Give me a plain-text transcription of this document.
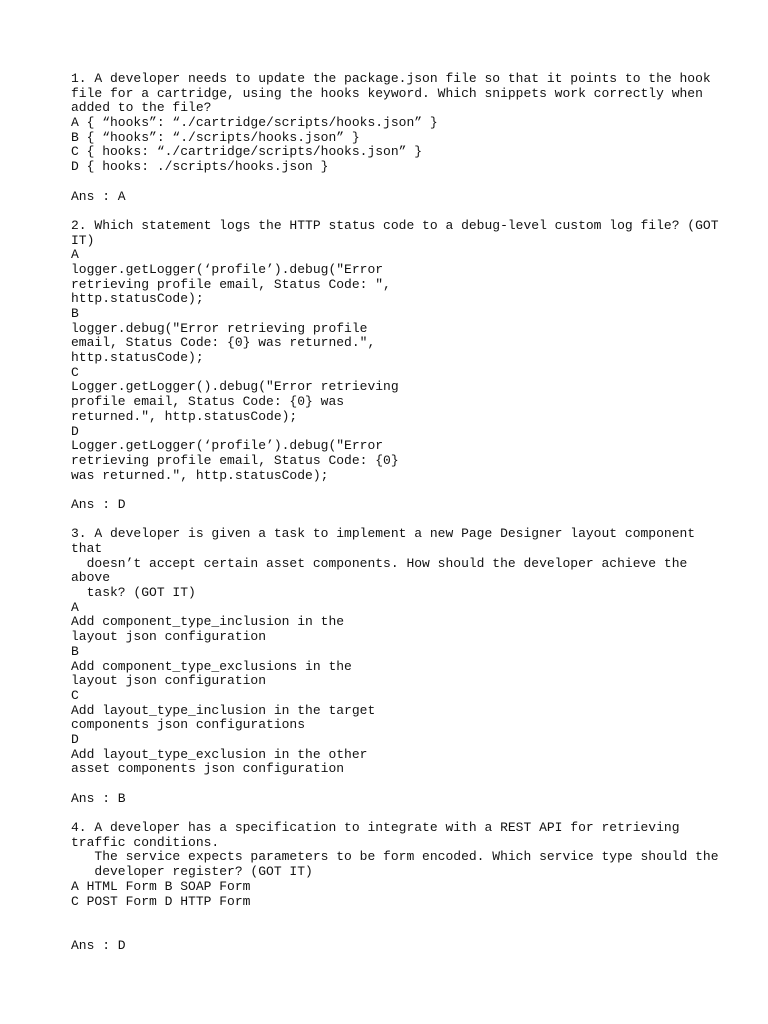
1. A developer needs to update the package.json file so that it points to the hook
file for a cartridge, using the hooks keyword. Which snippets work correctly when
added to the file?
A { “hooks”: “./cartridge/scripts/hooks.json” }
B { “hooks”: “./scripts/hooks.json” }
C { hooks: “./cartridge/scripts/hooks.json” }
D { hooks: ./scripts/hooks.json }
Ans : A
2. Which statement logs the HTTP status code to a debug-level custom log file? (GOT
IT)
A
logger.getLogger(‘profile’).debug("Error
retrieving profile email, Status Code: ",
http.statusCode);
B
logger.debug("Error retrieving profile
email, Status Code: {0} was returned.",
http.statusCode);
C
Logger.getLogger().debug("Error retrieving
profile email, Status Code: {0} was
returned.", http.statusCode);
D
Logger.getLogger(‘profile’).debug("Error
retrieving profile email, Status Code: {0}
was returned.", http.statusCode);
Ans : D
3. A developer is given a task to implement a new Page Designer layout component
that
doesn’t accept certain asset components. How should the developer achieve the
above
task? (GOT IT)
A
Add component_type_inclusion in the
layout json configuration
B
Add component_type_exclusions in the
layout json configuration
C
Add layout_type_inclusion in the target
components json configurations
D
Add layout_type_exclusion in the other
asset components json configuration
Ans : B
4. A developer has a specification to integrate with a REST API for retrieving
traffic conditions.
The service expects parameters to be form encoded. Which service type should the
developer register? (GOT IT)
A HTML Form B SOAP Form
C POST Form D HTTP Form
Ans : D
